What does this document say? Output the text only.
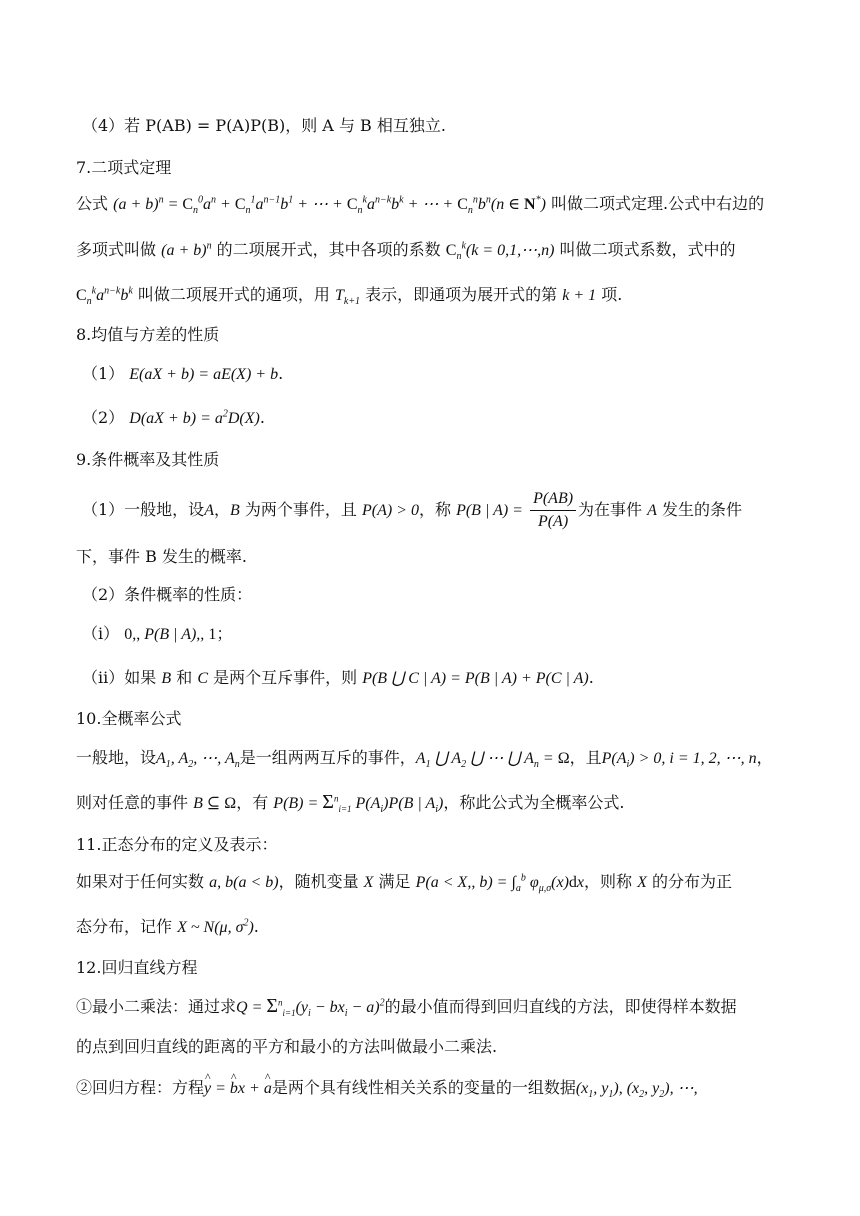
（4）若 P(AB) = P(A)P(B)，则 A 与 B 相互独立.
7.二项式定理
公式 $(a + b)^n = C_n^0a^n + C_n^1a^{n-1}b^1$ + ⋯ + $C_n^ka^{n-k}b^k$ + ⋯ + $C_n^nb^n(n$ ∈ N*) 叫做二项式定理.公式中右边的
多项式叫做 $(a + b)^n$ 的二项展开式，其中各项的系数 $C_n^k(k$ = 0,1,⋯,n) 叫做二项式系数，式中的
$C_n^ka^{n-k}b^k$ 叫做二项展开式的通项，用 $T_{k+1}$ 表示，即通项为展开式的第 k + 1 项.
8.均值与方差的性质
（1） E(aX + b) = aE(X) + b.
（2） $D(aX + b) = a^2D(X)$.
9.条件概率及其性质
（1）一般地，设A，B 为两个事件，且 P(A) > 0，称 P(B | $A) = \frac{P(AB)}{P(A)}$ 为在事件 A 发生的条件
下，事件 B 发生的概率.
（2）条件概率的性质：
（i） 0,, P(B | A),, 1；
（ii）如果 B 和 C 是两个互斥事件，则 P(B ⋃ C | A) = P(B | A) + P(C | A).
10.全概率公式
一般地，设$A_1$, $A_2$, ⋯, $A_n$是一组两两互斥的事件，$A_1$ ⋃ $A_2$ ⋃ ⋯ ⋃ $A_n = \Omega$，且$P(A_i) > 0$, i = 1, 2, ⋯, n，
则对任意的事件 B ⊆ Ω，有 $P(B) = \Sigma^n_{i=1}$ $P(A_i)P(B$ | $A_i$)，称此公式为全概率公式.
11.正态分布的定义及表示：
如果对于任何实数 a, b(a < b)，随机变量 X 满足 P(a < X,, $b) = \int_a^b$ $\varphi_{\mu,\sigma}(x)dx$，则称 X 的分布为正
态分布，记作 X ~ N(μ, $\sigma^2$).
12.回归直线方程
①最小二乘法：通过求$Q = \Sigma^n_{i=1}(y_i - bx_i - a)^2$的最小值而得到回归直线的方法，即使得样本数据
的点到回归直线的距离的平方和最小的方法叫做最小二乘法.
②回归方程：方程^ y = ^ bx + ^ a是两个具有线性相关关系的变量的一组数据($x_1$, $y_1$), ($x_2$, $y_2$), ⋯,
